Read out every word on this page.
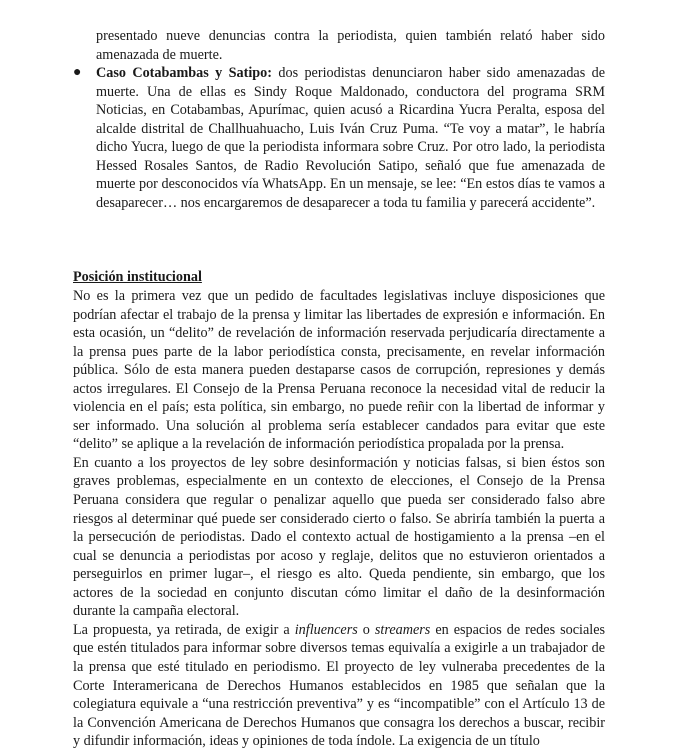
presentado nueve denuncias contra la periodista, quien también relató haber sido amenazada de muerte.

● Caso Cotabambas y Satipo: dos periodistas denunciaron haber sido amenazadas de muerte. Una de ellas es Sindy Roque Maldonado, conductora del programa SRM Noticias, en Cotabambas, Apurímac, quien acusó a Ricardina Yucra Peralta, esposa del alcalde distrital de Challhuahuacho, Luis Iván Cruz Puma. “Te voy a matar”, le habría dicho Yucra, luego de que la periodista informara sobre Cruz. Por otro lado, la periodista Hessed Rosales Santos, de Radio Revolución Satipo, señaló que fue amenazada de muerte por desconocidos vía WhatsApp. En un mensaje, se lee: “En estos días te vamos a desaparecer… nos encargaremos de desaparecer a toda tu familia y parecerá accidente”.

Posición institucional

No es la primera vez que un pedido de facultades legislativas incluye disposiciones que podrían afectar el trabajo de la prensa y limitar las libertades de expresión e información. En esta ocasión, un “delito” de revelación de información reservada perjudicaría directamente a la prensa pues parte de la labor periodística consta, precisamente, en revelar información pública. Sólo de esta manera pueden destaparse casos de corrupción, represiones y demás actos irregulares. El Consejo de la Prensa Peruana reconoce la necesidad vital de reducir la violencia en el país; esta política, sin embargo, no puede reñir con la libertad de informar y ser informado. Una solución al problema sería establecer candados para evitar que este “delito” se aplique a la revelación de información periodística propalada por la prensa.

En cuanto a los proyectos de ley sobre desinformación y noticias falsas, si bien éstos son graves problemas, especialmente en un contexto de elecciones, el Consejo de la Prensa Peruana considera que regular o penalizar aquello que pueda ser considerado falso abre riesgos al determinar qué puede ser considerado cierto o falso. Se abriría también la puerta a la persecución de periodistas. Dado el contexto actual de hostigamiento a la prensa –en el cual se denuncia a periodistas por acoso y reglaje, delitos que no estuvieron orientados a perseguirlos en primer lugar–, el riesgo es alto. Queda pendiente, sin embargo, que los actores de la sociedad en conjunto discutan cómo limitar el daño de la desinformación durante la campaña electoral.

La propuesta, ya retirada, de exigir a influencers o streamers en espacios de redes sociales que estén titulados para informar sobre diversos temas equivalía a exigirle a un trabajador de la prensa que esté titulado en periodismo. El proyecto de ley vulneraba precedentes de la Corte Interamericana de Derechos Humanos establecidos en 1985 que señalan que la colegiatura equivale a “una restricción preventiva” y es “incompatible” con el Artículo 13 de la Convención Americana de Derechos Humanos que consagra los derechos a buscar, recibir y difundir información, ideas y opiniones de toda índole. La exigencia de un título
